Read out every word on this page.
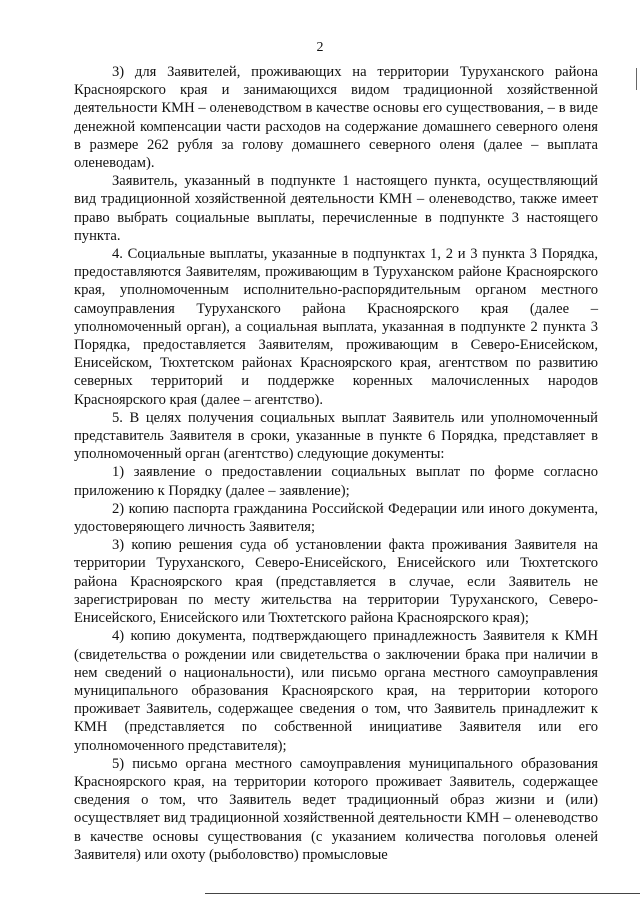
2

3) для Заявителей, проживающих на территории Туруханского района Красноярского края и занимающихся видом традиционной хозяйственной деятельности КМН – оленеводством в качестве основы его существования, – в виде денежной компенсации части расходов на содержание домашнего северного оленя в размере 262 рубля за голову домашнего северного оленя (далее – выплата оленеводам).

Заявитель, указанный в подпункте 1 настоящего пункта, осуществляющий вид традиционной хозяйственной деятельности КМН – оленеводство, также имеет право выбрать социальные выплаты, перечисленные в подпункте 3 настоящего пункта.

4. Социальные выплаты, указанные в подпунктах 1, 2 и 3 пункта 3 Порядка, предоставляются Заявителям, проживающим в Туруханском районе Красноярского края, уполномоченным исполнительно-распорядительным органом местного самоуправления Туруханского района Красноярского края (далее – уполномоченный орган), а социальная выплата, указанная в подпункте 2 пункта 3 Порядка, предоставляется Заявителям, проживающим в Северо-Енисейском, Енисейском, Тюхтетском районах Красноярского края, агентством по развитию северных территорий и поддержке коренных малочисленных народов Красноярского края (далее – агентство).

5. В целях получения социальных выплат Заявитель или уполномоченный представитель Заявителя в сроки, указанные в пункте 6 Порядка, представляет в уполномоченный орган (агентство) следующие документы:

1) заявление о предоставлении социальных выплат по форме согласно приложению к Порядку (далее – заявление);

2) копию паспорта гражданина Российской Федерации или иного документа, удостоверяющего личность Заявителя;

3) копию решения суда об установлении факта проживания Заявителя на территории Туруханского, Северо-Енисейского, Енисейского или Тюхтетского района Красноярского края (представляется в случае, если Заявитель не зарегистрирован по месту жительства на территории Туруханского, Северо-Енисейского, Енисейского или Тюхтетского района Красноярского края);

4) копию документа, подтверждающего принадлежность Заявителя к КМН (свидетельства о рождении или свидетельства о заключении брака при наличии в нем сведений о национальности), или письмо органа местного самоуправления муниципального образования Красноярского края, на территории которого проживает Заявитель, содержащее сведения о том, что Заявитель принадлежит к КМН (представляется по собственной инициативе Заявителя или его уполномоченного представителя);

5) письмо органа местного самоуправления муниципального образования Красноярского края, на территории которого проживает Заявитель, содержащее сведения о том, что Заявитель ведет традиционный образ жизни и (или) осуществляет вид традиционной хозяйственной деятельности КМН – оленеводство в качестве основы существования (с указанием количества поголовья оленей Заявителя) или охоту (рыболовство) промысловые
